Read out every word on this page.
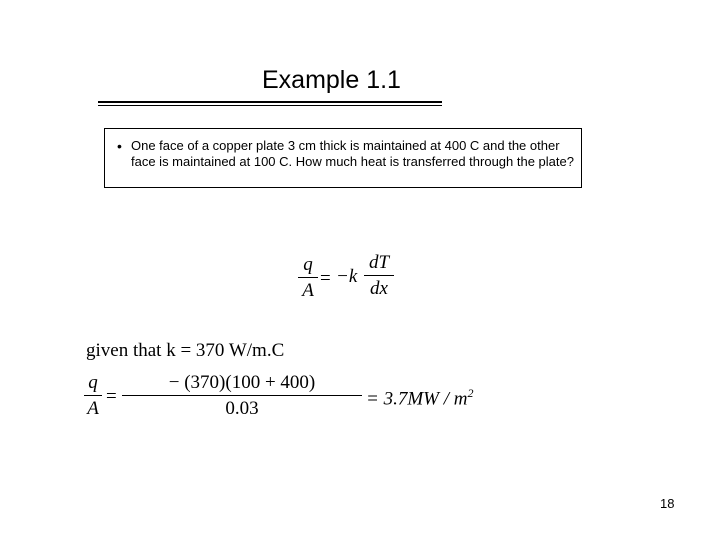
Example 1.1
• One face of a copper plate 3 cm thick is maintained at 400 C and the other face is maintained at 100 C. How much heat is transferred through the plate?
q
A
= −k
dT
dx
given that k = 370 W/m.C
q
A
=
− (370)(100 + 400)
0.03	= $3.7MW / m^2$
18
